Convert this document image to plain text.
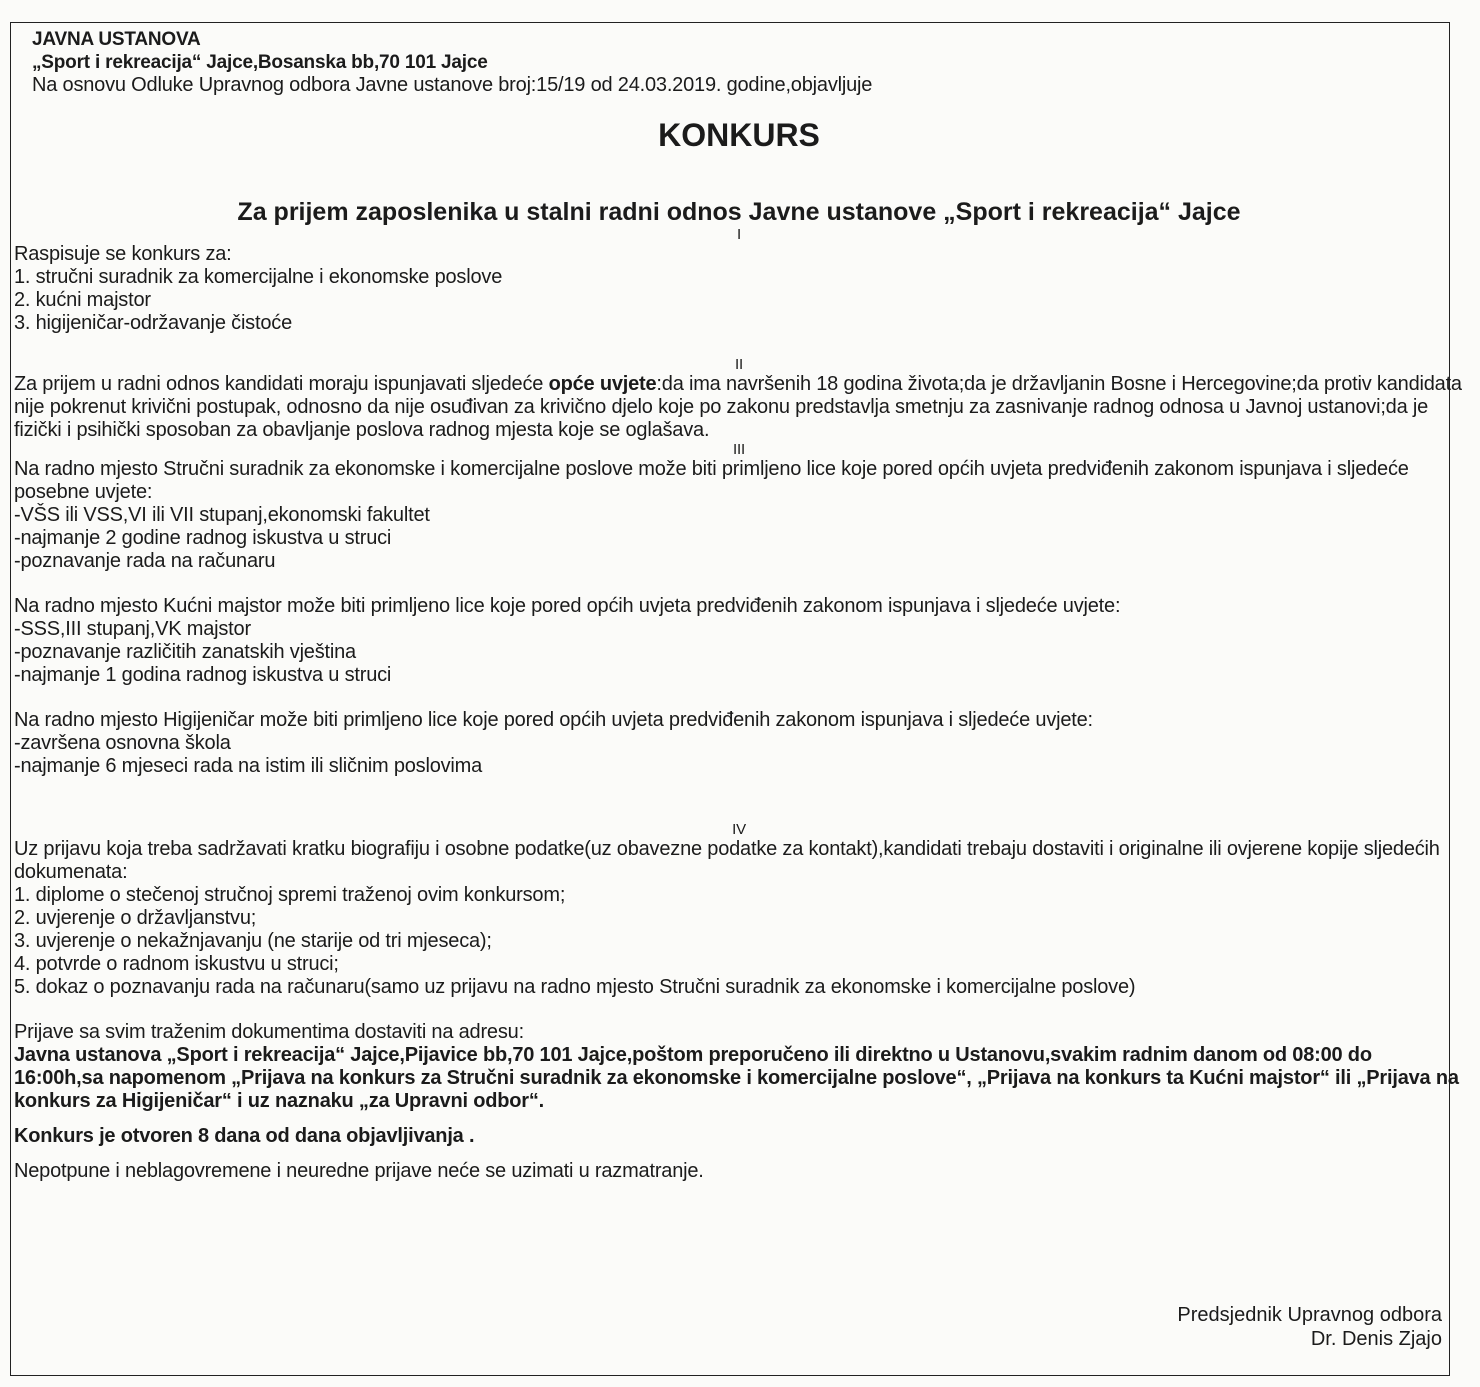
JAVNA USTANOVA

„Sport i rekreacija“ Jajce,Bosanska bb,70 101 Jajce

Na osnovu Odluke Upravnog odbora Javne ustanove broj:15/19 od 24.03.2019. godine,objavljuje

KONKURS

Za prijem zaposlenika u stalni radni odnos Javne ustanove „Sport i rekreacija“ Jajce

I

Raspisuje se konkurs za:

1. stručni suradnik za komercijalne i ekonomske poslove

2. kućni majstor

3. higijeničar-održavanje čistoće

II

Za prijem u radni odnos kandidati moraju ispunjavati sljedeće opće uvjete:da ima navršenih 18 godina života;da je državljanin Bosne i Hercegovine;da protiv kandidata nije pokrenut krivični postupak, odnosno da nije osuđivan za krivično djelo koje po zakonu predstavlja smetnju za zasnivanje radnog odnosa u Javnoj ustanovi;da je fizički i psihički sposoban za obavljanje poslova radnog mjesta koje se oglašava.

III

Na radno mjesto Stručni suradnik za ekonomske i komercijalne poslove može biti primljeno lice koje pored općih uvjeta predviđenih zakonom ispunjava i sljedeće posebne uvjete:

-VŠS ili VSS,VI ili VII stupanj,ekonomski fakultet

-najmanje 2 godine radnog iskustva u struci

-poznavanje rada na računaru

Na radno mjesto Kućni majstor može biti primljeno lice koje pored općih uvjeta predviđenih zakonom ispunjava i sljedeće uvjete:

-SSS,III stupanj,VK majstor

-poznavanje različitih zanatskih vještina

-najmanje 1 godina radnog iskustva u struci

Na radno mjesto Higijeničar može biti primljeno lice koje pored općih uvjeta predviđenih zakonom ispunjava i sljedeće uvjete:

-završena osnovna škola

-najmanje 6 mjeseci rada na istim ili sličnim poslovima

IV

Uz prijavu koja treba sadržavati kratku biografiju i osobne podatke(uz obavezne podatke za kontakt),kandidati trebaju dostaviti i originalne ili ovjerene kopije sljedećih dokumenata:

1. diplome o stečenoj stručnoj spremi traženoj ovim konkursom;

2. uvjerenje o državljanstvu;

3. uvjerenje o nekažnjavanju (ne starije od tri mjeseca);

4. potvrde o radnom iskustvu u struci;

5. dokaz o poznavanju rada na računaru(samo uz prijavu na radno mjesto Stručni suradnik za ekonomske i komercijalne poslove)

Prijave sa svim traženim dokumentima dostaviti na adresu:

Javna ustanova „Sport i rekreacija“ Jajce,Pijavice bb,70 101 Jajce,poštom preporučeno ili direktno u Ustanovu,svakim radnim danom od 08:00 do 16:00h,sa napomenom „Prijava na konkurs za Stručni suradnik za ekonomske i komercijalne poslove“, „Prijava na konkurs ta Kućni majstor“ ili „Prijava na konkurs za Higijeničar“ i uz naznaku „za Upravni odbor“.

Konkurs je otvoren 8 dana od dana objavljivanja .

Nepotpune i neblagovremene i neuredne prijave neće se uzimati u razmatranje.

Predsjednik Upravnog odbora

Dr. Denis Zjajo
